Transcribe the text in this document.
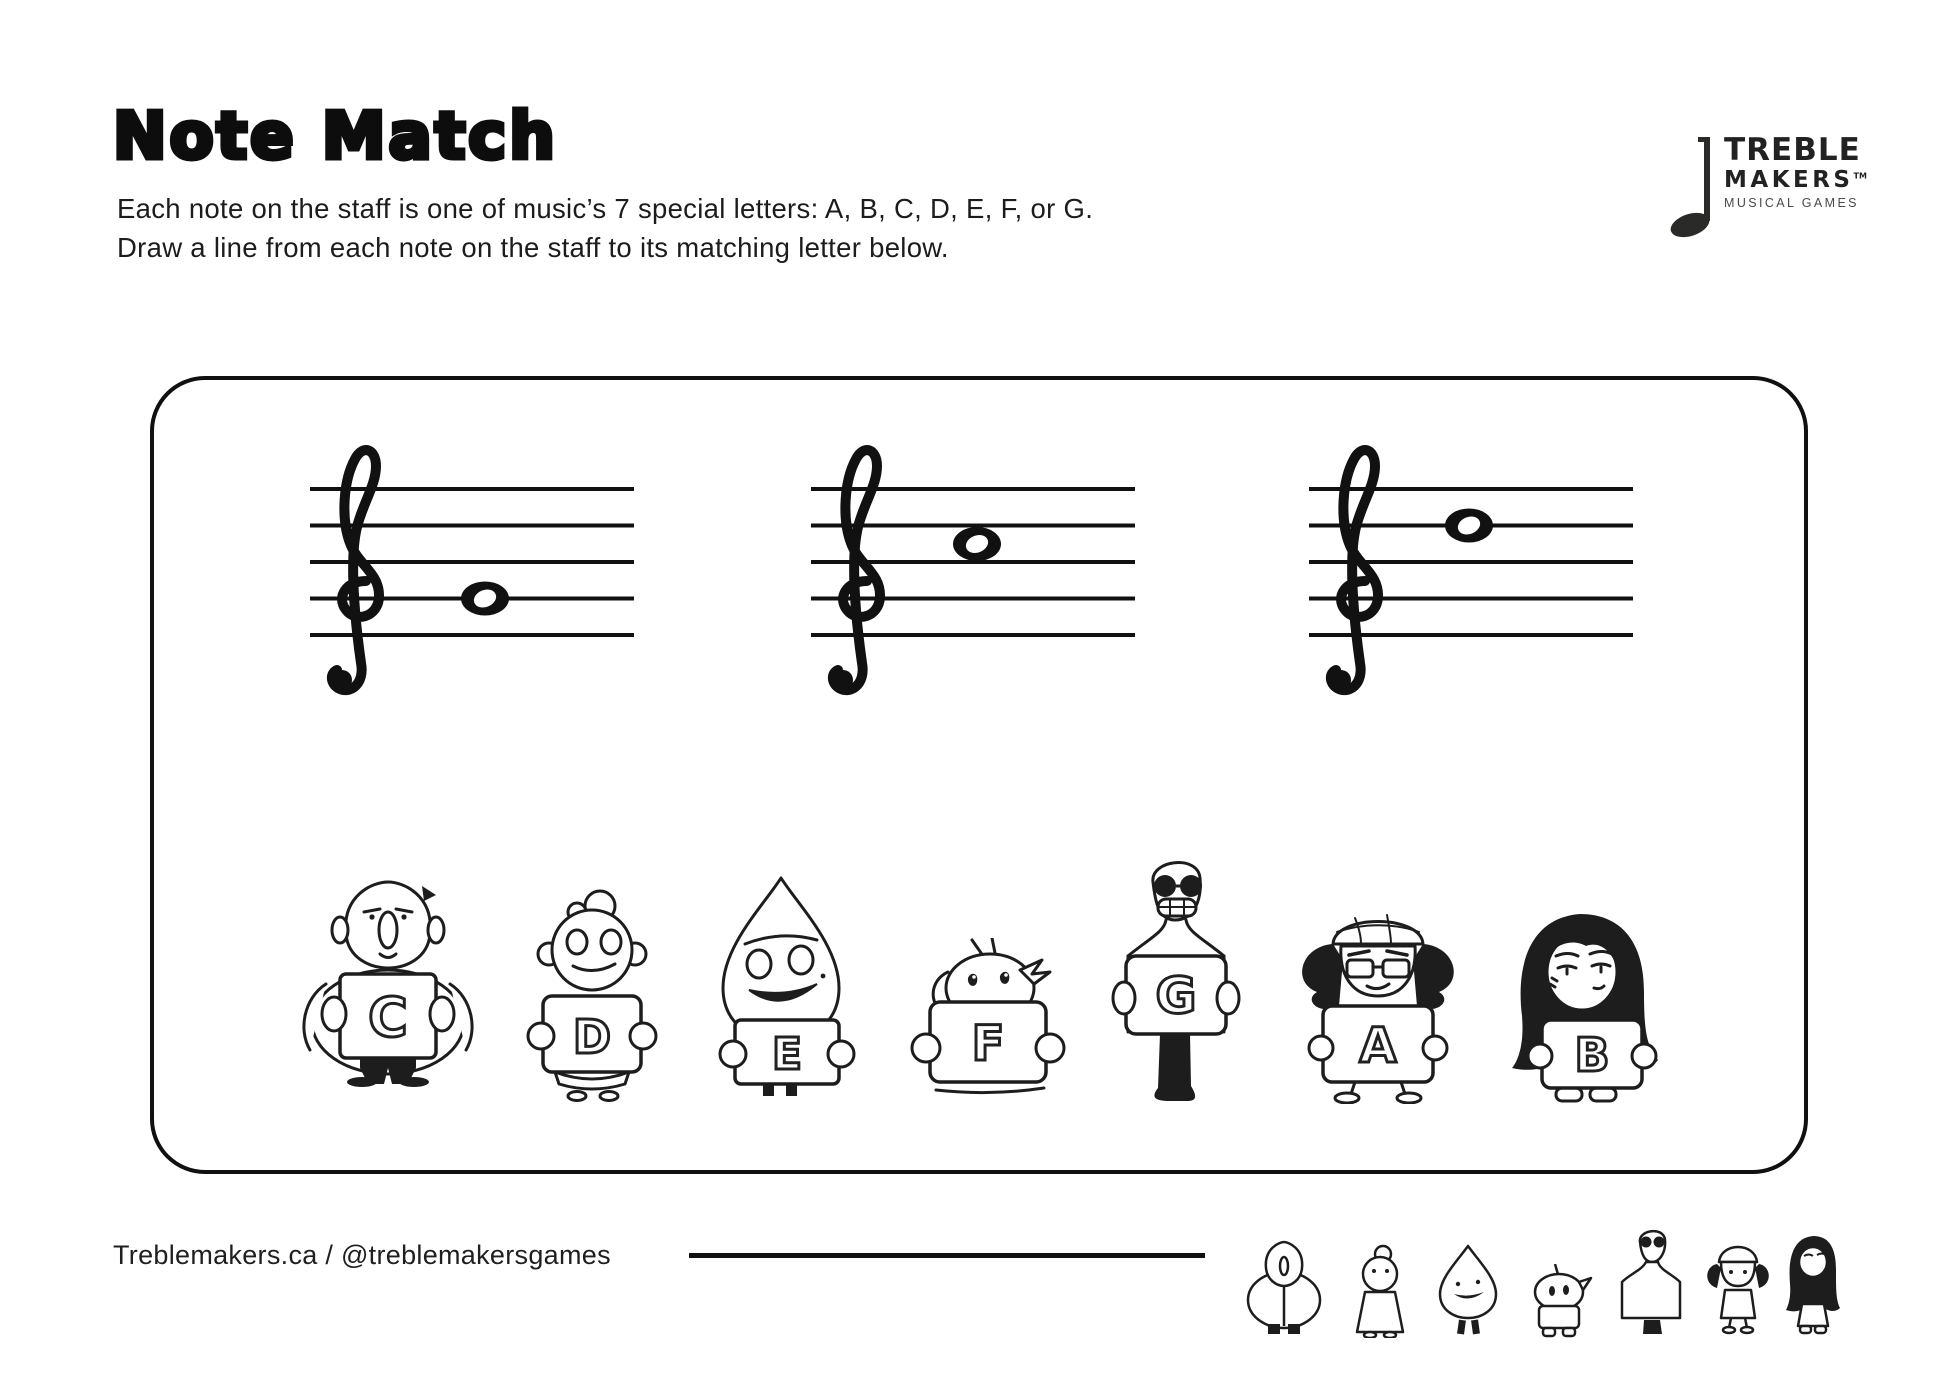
Note Match	TREBLE
MAKERS™
MUSICAL GAMES
Each note on the staff is one of music’s 7 special letters: A, B, C, D, E, F, or G.
Draw a line from each note on the staff to its matching letter below.
C	D	E	F
G
A	B
Treblemakers.ca / @treblemakersgames
